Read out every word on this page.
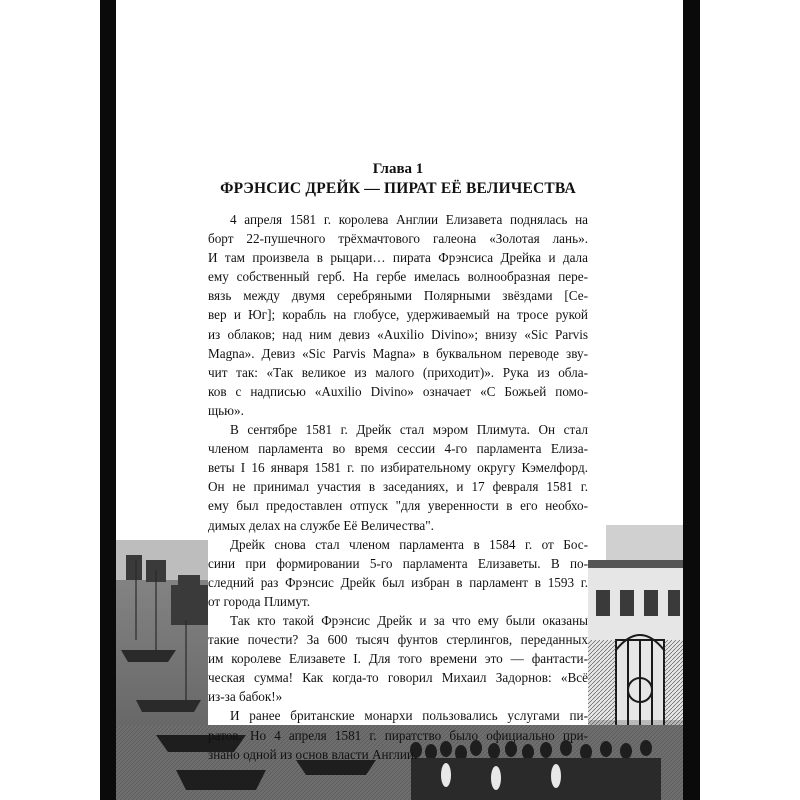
Глава 1
ФРЭНСИС ДРЕЙК — ПИРАТ ЕЁ ВЕЛИЧЕСТВА
4 апреля 1581 г. королева Англии Елизавета поднялась на
борт 22-пушечного трёхмачтового галеона «Золотая лань».
И там произвела в рыцари… пирата Фрэнсиса Дрейка и дала
ему собственный герб. На гербе имелась волнообразная пере-
вязь между двумя серебряными Полярными звёздами [Се-
вер и Юг]; корабль на глобусе, удерживаемый на тросе рукой
из облаков; над ним девиз «Auxilio Divino»; внизу «Sic Parvis
Magna». Девиз «Sic Parvis Magna» в буквальном переводе зву-
чит так: «Так великое из малого (приходит)». Рука из обла-
ков с надписью «Auxilio Divino» означает «С Божьей помо-
щью».
В сентябре 1581 г. Дрейк стал мэром Плимута. Он стал
членом парламента во время сессии 4-го парламента Елиза-
веты I 16 января 1581 г. по избирательному округу Кэмелфорд.
Он не принимал участия в заседаниях, и 17 февраля 1581 г.
ему был предоставлен отпуск "для уверенности в его необхо-
димых делах на службе Её Величества".
Дрейк снова стал членом парламента в 1584 г. от Бос-
сини при формировании 5-го парламента Елизаветы. В по-
следний раз Фрэнсис Дрейк был избран в парламент в 1593 г.
от города Плимут.
Так кто такой Фрэнсис Дрейк и за что ему были оказаны
такие почести? За 600 тысяч фунтов стерлингов, переданных
им королеве Елизавете I. Для того времени это — фантасти-
ческая сумма! Как когда-то говорил Михаил Задорнов: «Всё
из-за бабок!»
И ранее британские монархи пользовались услугами пи-
ратов. Но 4 апреля 1581 г. пиратство было официально при-
знано одной из основ власти Англии.
